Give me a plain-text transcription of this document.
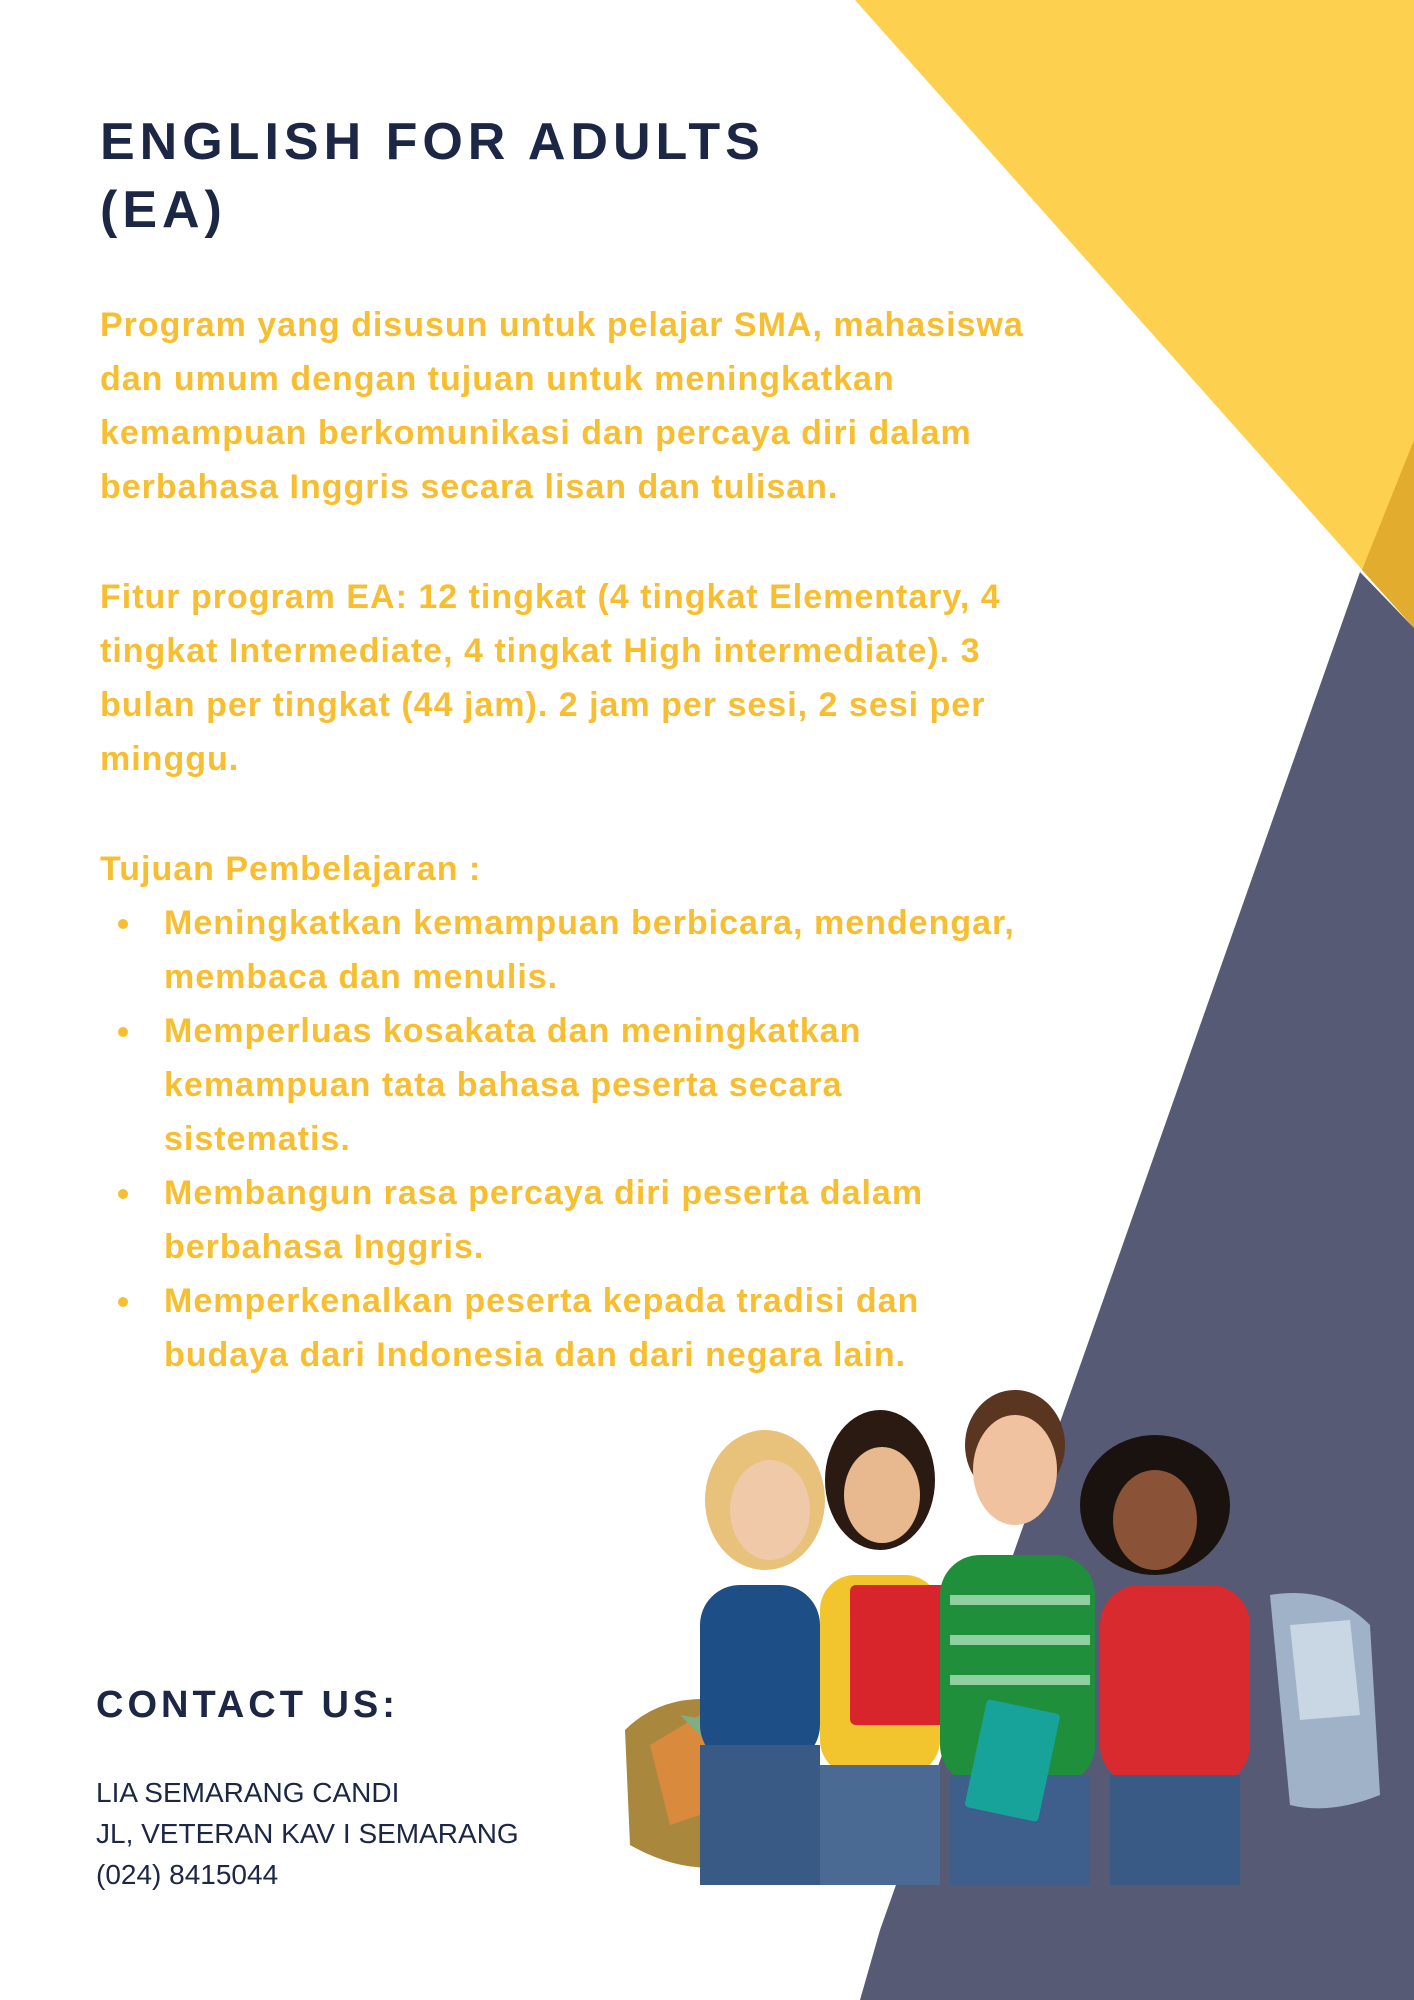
ENGLISH FOR ADULTS
(EA)

Program yang disusun untuk pelajar SMA, mahasiswa dan umum dengan tujuan untuk meningkatkan kemampuan berkomunikasi dan percaya diri dalam berbahasa Inggris secara lisan dan tulisan.

Fitur program EA: 12 tingkat (4 tingkat Elementary, 4 tingkat Intermediate, 4 tingkat High intermediate). 3 bulan per tingkat (44 jam). 2 jam per sesi, 2 sesi per minggu.

Tujuan Pembelajaran :

Meningkatkan kemampuan berbicara, mendengar, membaca dan menulis.
Memperluas kosakata dan meningkatkan kemampuan tata bahasa peserta secara sistematis.
Membangun rasa percaya diri peserta dalam berbahasa Inggris.
Memperkenalkan peserta kepada tradisi dan budaya dari Indonesia dan dari negara lain.
CONTACT US:
LIA SEMARANG CANDI
JL, VETERAN KAV I SEMARANG
(024) 8415044
